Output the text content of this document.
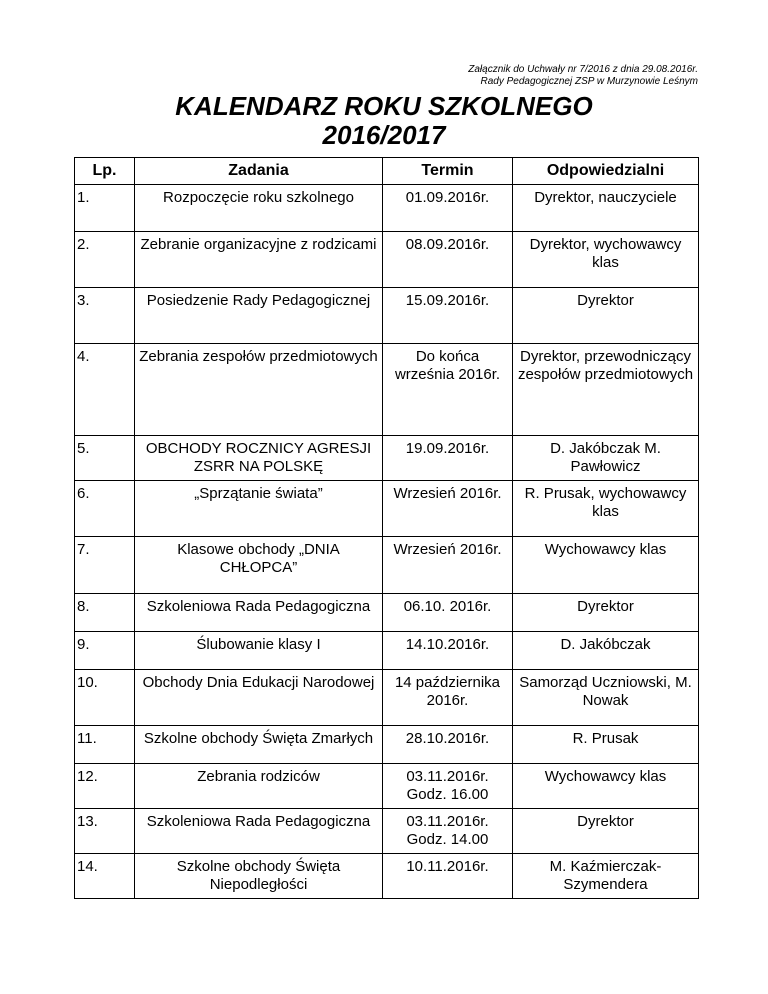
Załącznik do Uchwały nr 7/2016 z dnia 29.08.2016r.
Rady Pedagogicznej ZSP w Murzynowie Leśnym
KALENDARZ ROKU SZKOLNEGO
2016/2017
Lp.	Zadania	Termin	Odpowiedzialni
1.	Rozpoczęcie roku szkolnego	01.09.2016r.	Dyrektor, nauczyciele
2.	Zebranie organizacyjne z rodzicami	08.09.2016r.	Dyrektor, wychowawcy klas
3.	Posiedzenie Rady Pedagogicznej	15.09.2016r.	Dyrektor
4.	Zebrania zespołów przedmiotowych	Do końca września 2016r.	Dyrektor, przewodniczący zespołów przedmiotowych
5.	OBCHODY ROCZNICY AGRESJI ZSRR NA POLSKĘ	19.09.2016r.	D. Jakóbczak M. Pawłowicz
6.	„Sprzątanie świata”	Wrzesień 2016r.	R. Prusak, wychowawcy klas
7.	Klasowe obchody „DNIA CHŁOPCA”	Wrzesień 2016r.	Wychowawcy klas
8.	Szkoleniowa Rada Pedagogiczna	06.10. 2016r.	Dyrektor
9.	Ślubowanie klasy I	14.10.2016r.	D. Jakóbczak
10.	Obchody Dnia Edukacji Narodowej	14 października 2016r.	Samorząd Uczniowski, M. Nowak
11.	Szkolne obchody Święta Zmarłych	28.10.2016r.	R. Prusak
12.	Zebrania rodziców	03.11.2016r. Godz. 16.00	Wychowawcy klas
13.	Szkoleniowa Rada Pedagogiczna	03.11.2016r. Godz. 14.00	Dyrektor
14.	Szkolne obchody Święta Niepodległości	10.11.2016r.	M. Kaźmierczak-Szymendera
